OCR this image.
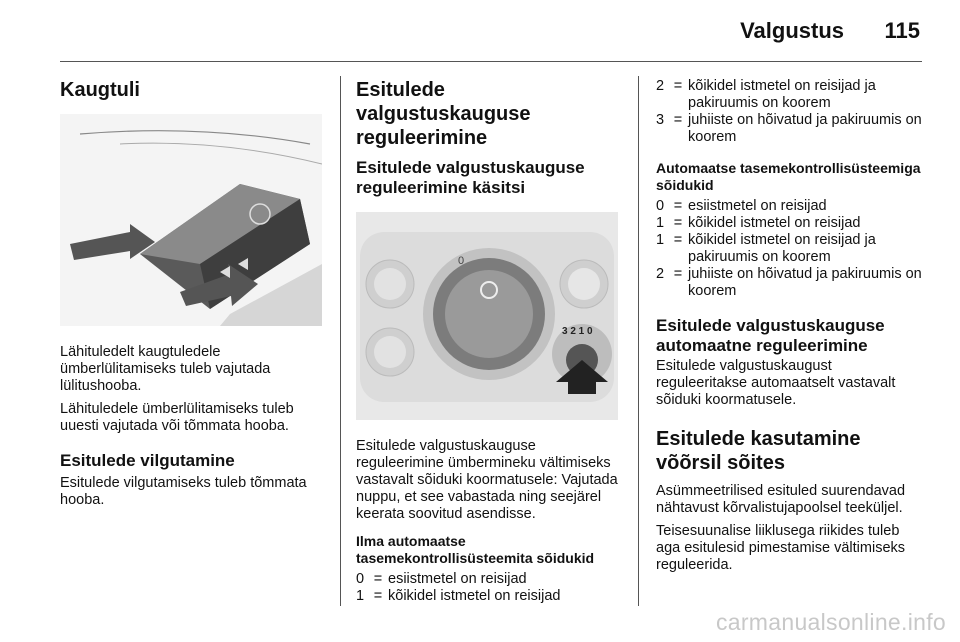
Valgustus 115
Kaugtuli

Lähituledelt kaugtuledele ümberlülitamiseks tuleb vajutada lülitushooba.

Lähituledele ümberlülitamiseks tuleb uuesti vajutada või tõmmata hooba.

Esitulede vilgutamine

Esitulede vilgutamiseks tuleb tõmmata hooba.

Esitulede valgustuskauguse reguleerimine
Esitulede valgustuskauguse reguleerimine käsitsi
0
3 2 1 0

Esitulede valgustuskauguse reguleerimine ümbermineku vältimiseks vastavalt sõiduki koormatusele: Vajutada nuppu, et see vabastada ning seejärel keerata soovitud asendisse.

Ilma automaatse tasemekontrollisüsteemita sõidukid
0 = esiistmetel on reisijad
1 = kõikidel istmetel on reisijad
2 = kõikidel istmetel on reisijad ja pakiruumis on koorem
3 = juhiiste on hõivatud ja pakiruumis on koorem
Automaatse tasemekontrollisüsteemiga sõidukid
0 = esiistmetel on reisijad
1 = kõikidel istmetel on reisijad
1 = kõikidel istmetel on reisijad ja pakiruumis on koorem
2 = juhiiste on hõivatud ja pakiruumis on koorem
Esitulede valgustuskauguse automaatne reguleerimine

Esitulede valgustuskaugust reguleeritakse automaatselt vastavalt sõiduki koormatusele.

Esitulede kasutamine võõrsil sõites

Asümmeetrilised esituled suurendavad nähtavust kõrvalistujapoolsel teeküljel.

Teisesuunalise liiklusega riikides tuleb aga esitulesid pimestamise vältimiseks reguleerida.

carmanualsonline.info
